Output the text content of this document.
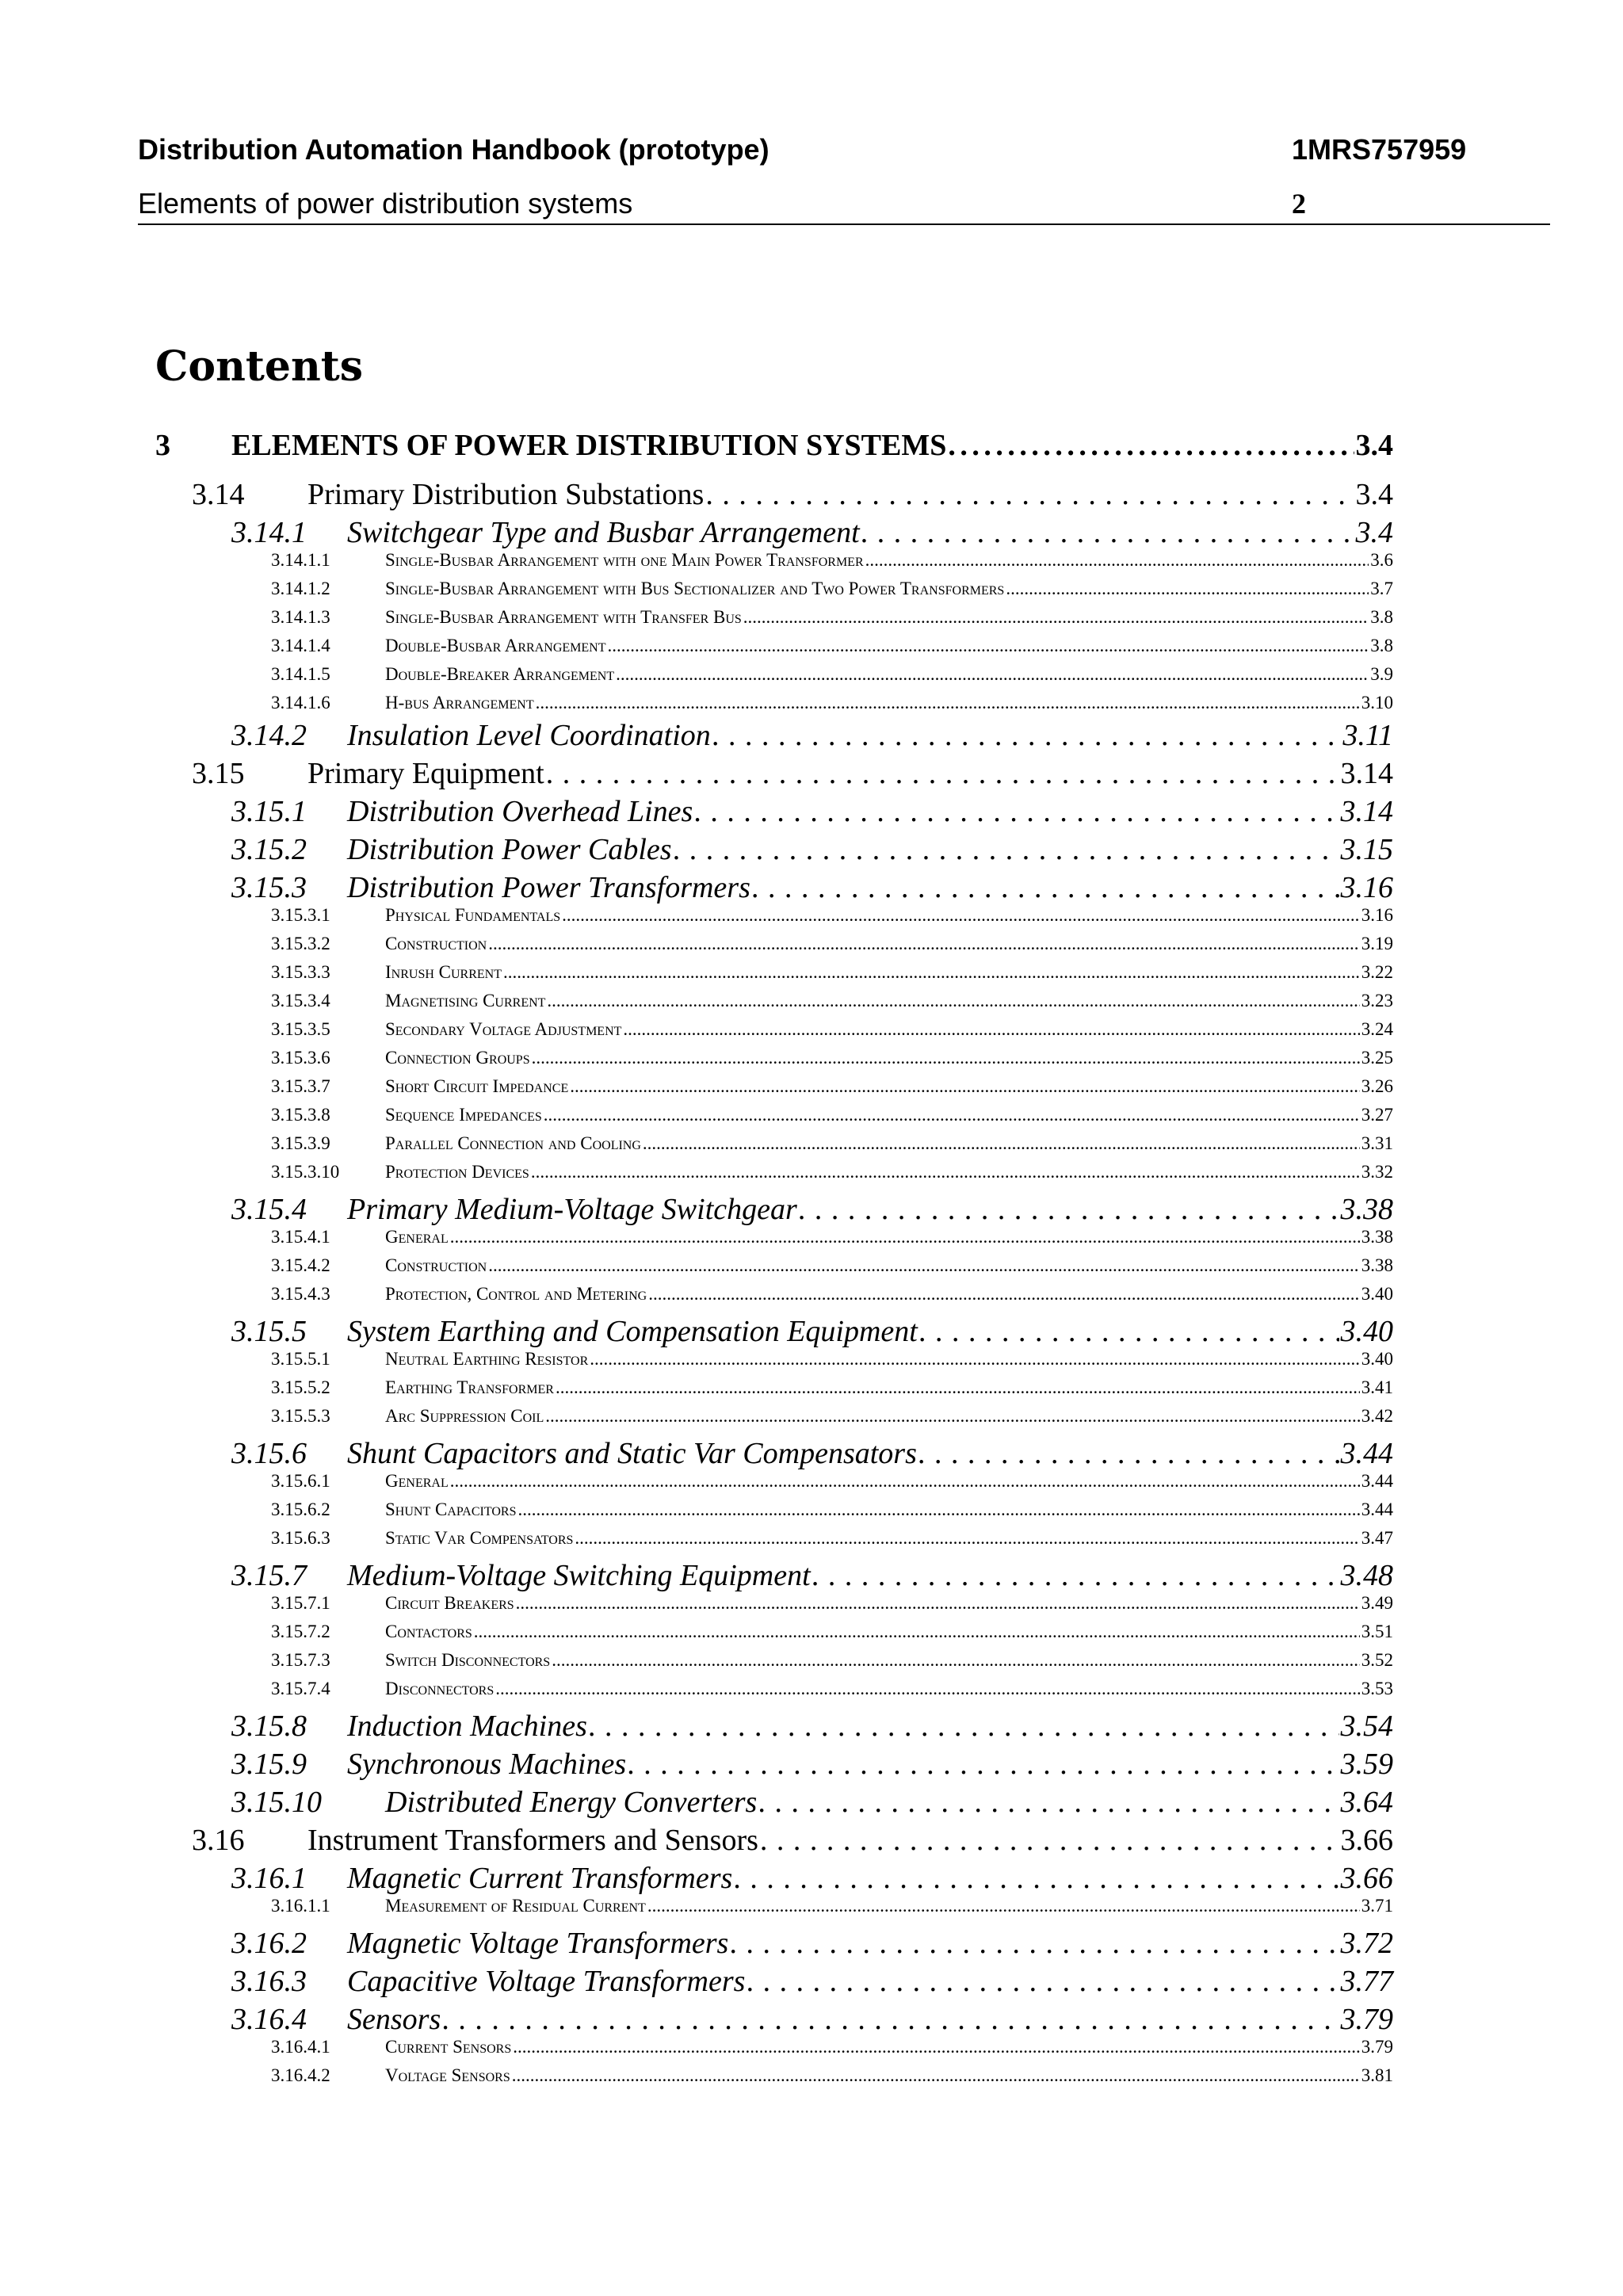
Distribution Automation Handbook (prototype)	1MRS757959
Elements of power distribution systems	2
Contents
3	ELEMENTS OF POWER DISTRIBUTION SYSTEMS . . .	3.4
3.14	Primary Distribution Substations . . .	3.4
3.14.1	Switchgear Type and Busbar Arrangement . . .	3.4
3.14.1.1	Single-Busbar Arrangement with one Main Power Transformer .....	3.6
3.14.1.2	Single-Busbar Arrangement with Bus Sectionalizer and Two Power Transformers .....	3.7
3.14.1.3	Single-Busbar Arrangement with Transfer Bus .....	3.8
3.14.1.4	Double-Busbar Arrangement .....	3.8
3.14.1.5	Double-Breaker Arrangement .....	3.9
3.14.1.6	H-bus Arrangement .....	3.10
3.14.2	Insulation Level Coordination . . .	3.11
3.15	Primary Equipment . . .	3.14
3.15.1	Distribution Overhead Lines . . .	3.14
3.15.2	Distribution Power Cables . . .	3.15
3.15.3	Distribution Power Transformers . . .	3.16
3.15.3.1	Physical Fundamentals .....	3.16
3.15.3.2	Construction .....	3.19
3.15.3.3	Inrush Current .....	3.22
3.15.3.4	Magnetising Current .....	3.23
3.15.3.5	Secondary Voltage Adjustment .....	3.24
3.15.3.6	Connection Groups .....	3.25
3.15.3.7	Short Circuit Impedance .....	3.26
3.15.3.8	Sequence Impedances .....	3.27
3.15.3.9	Parallel Connection and Cooling .....	3.31
3.15.3.10	Protection Devices .....	3.32
3.15.4	Primary Medium-Voltage Switchgear . . .	3.38
3.15.4.1	General .....	3.38
3.15.4.2	Construction .....	3.38
3.15.4.3	Protection, Control and Metering .....	3.40
3.15.5	System Earthing and Compensation Equipment . . .	3.40
3.15.5.1	Neutral Earthing Resistor .....	3.40
3.15.5.2	Earthing Transformer .....	3.41
3.15.5.3	Arc Suppression Coil .....	3.42
3.15.6	Shunt Capacitors and Static Var Compensators . . .	3.44
3.15.6.1	General .....	3.44
3.15.6.2	Shunt Capacitors .....	3.44
3.15.6.3	Static Var Compensators .....	3.47
3.15.7	Medium-Voltage Switching Equipment . . .	3.48
3.15.7.1	Circuit Breakers .....	3.49
3.15.7.2	Contactors .....	3.51
3.15.7.3	Switch Disconnectors .....	3.52
3.15.7.4	Disconnectors .....	3.53
3.15.8	Induction Machines . . .	3.54
3.15.9	Synchronous Machines . . .	3.59
3.15.10	Distributed Energy Converters . . .	3.64
3.16	Instrument Transformers and Sensors . . .	3.66
3.16.1	Magnetic Current Transformers . . .	3.66
3.16.1.1	Measurement of Residual Current .....	3.71
3.16.2	Magnetic Voltage Transformers . . .	3.72
3.16.3	Capacitive Voltage Transformers . . .	3.77
3.16.4	Sensors . . .	3.79
3.16.4.1	Current Sensors .....	3.79
3.16.4.2	Voltage Sensors .....	3.81
